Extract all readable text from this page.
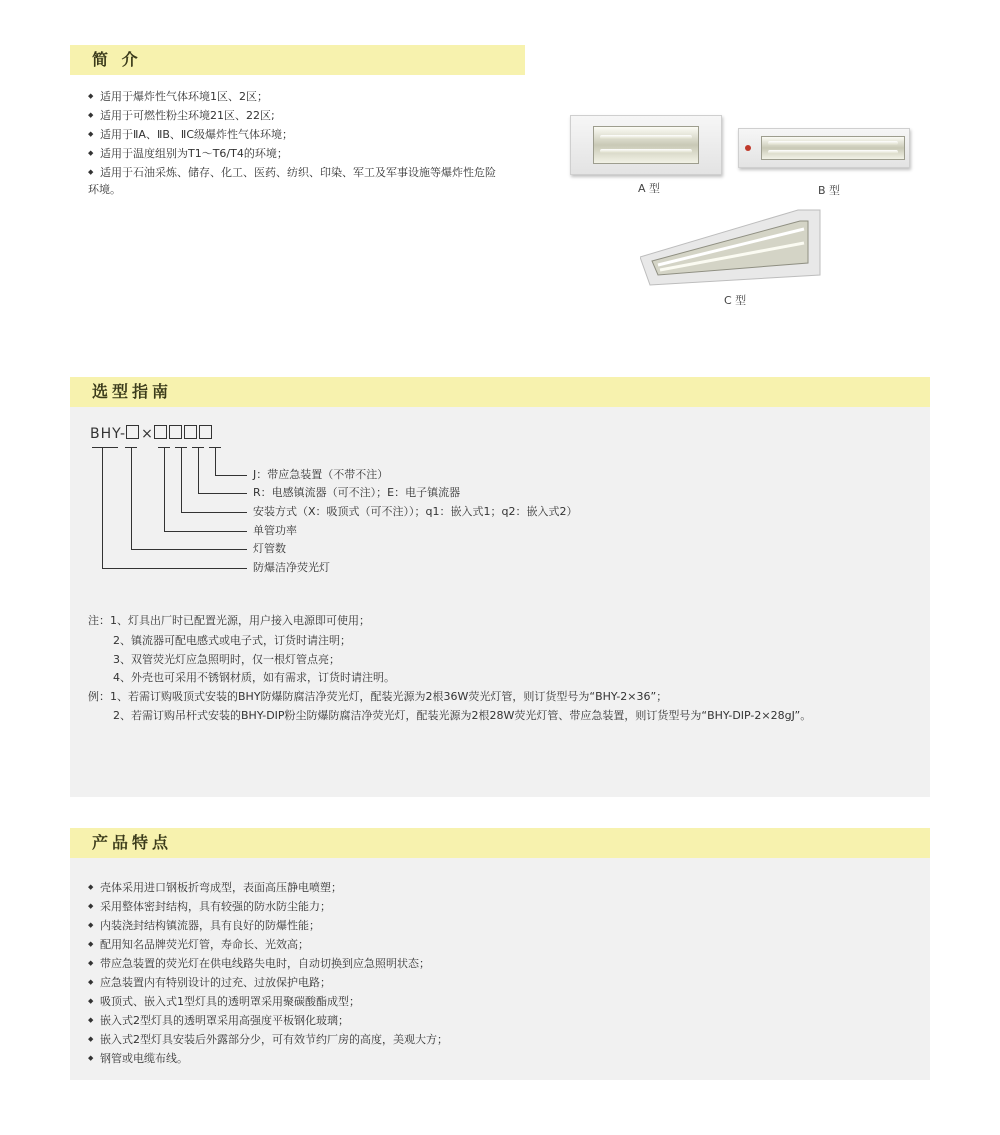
简 介
◆ 适用于爆炸性气体环境1区、2区；
◆ 适用于可燃性粉尘环境21区、22区;
◆ 适用于ⅡA、ⅡB、ⅡC级爆炸性气体环境；
◆ 适用于温度组别为T1～T6/T4的环境；
◆ 适用于石油采炼、储存、化工、医药、纺织、印染、军工及军事设施等爆炸性危险
环境。	A 型	B 型
C 型
选型指南
BHY- ×
J：带应急装置（不带不注）
R：电感镇流器（可不注）；E：电子镇流器
安装方式（X：吸顶式（可不注））；q1：嵌入式1；q2：嵌入式2）
单管功率
灯管数
防爆洁净荧光灯
注：1、灯具出厂时已配置光源，用户接入电源即可使用；
2、镇流器可配电感式或电子式，订货时请注明；
3、双管荧光灯应急照明时，仅一根灯管点亮；
4、外壳也可采用不锈钢材质，如有需求，订货时请注明。
例：1、若需订购吸顶式安装的BHY防爆防腐洁净荧光灯，配装光源为2根36W荧光灯管，则订货型号为“BHY-2×36”；
2、若需订购吊杆式安装的BHY-DIP粉尘防爆防腐洁净荧光灯，配装光源为2根28W荧光灯管、带应急装置，则订货型号为“BHY-DIP-2×28gJ”。
产品特点
◆ 壳体采用进口钢板折弯成型，表面高压静电喷塑；
◆ 采用整体密封结构，具有较强的防水防尘能力；
◆ 内装浇封结构镇流器，具有良好的防爆性能；
◆ 配用知名品牌荧光灯管，寿命长、光效高；
◆ 带应急装置的荧光灯在供电线路失电时，自动切换到应急照明状态；
◆ 应急装置内有特别设计的过充、过放保护电路；
◆ 吸顶式、嵌入式1型灯具的透明罩采用聚碳酸酯成型；
◆ 嵌入式2型灯具的透明罩采用高强度平板钢化玻璃；
◆ 嵌入式2型灯具安装后外露部分少，可有效节约厂房的高度，美观大方；
◆ 钢管或电缆布线。
